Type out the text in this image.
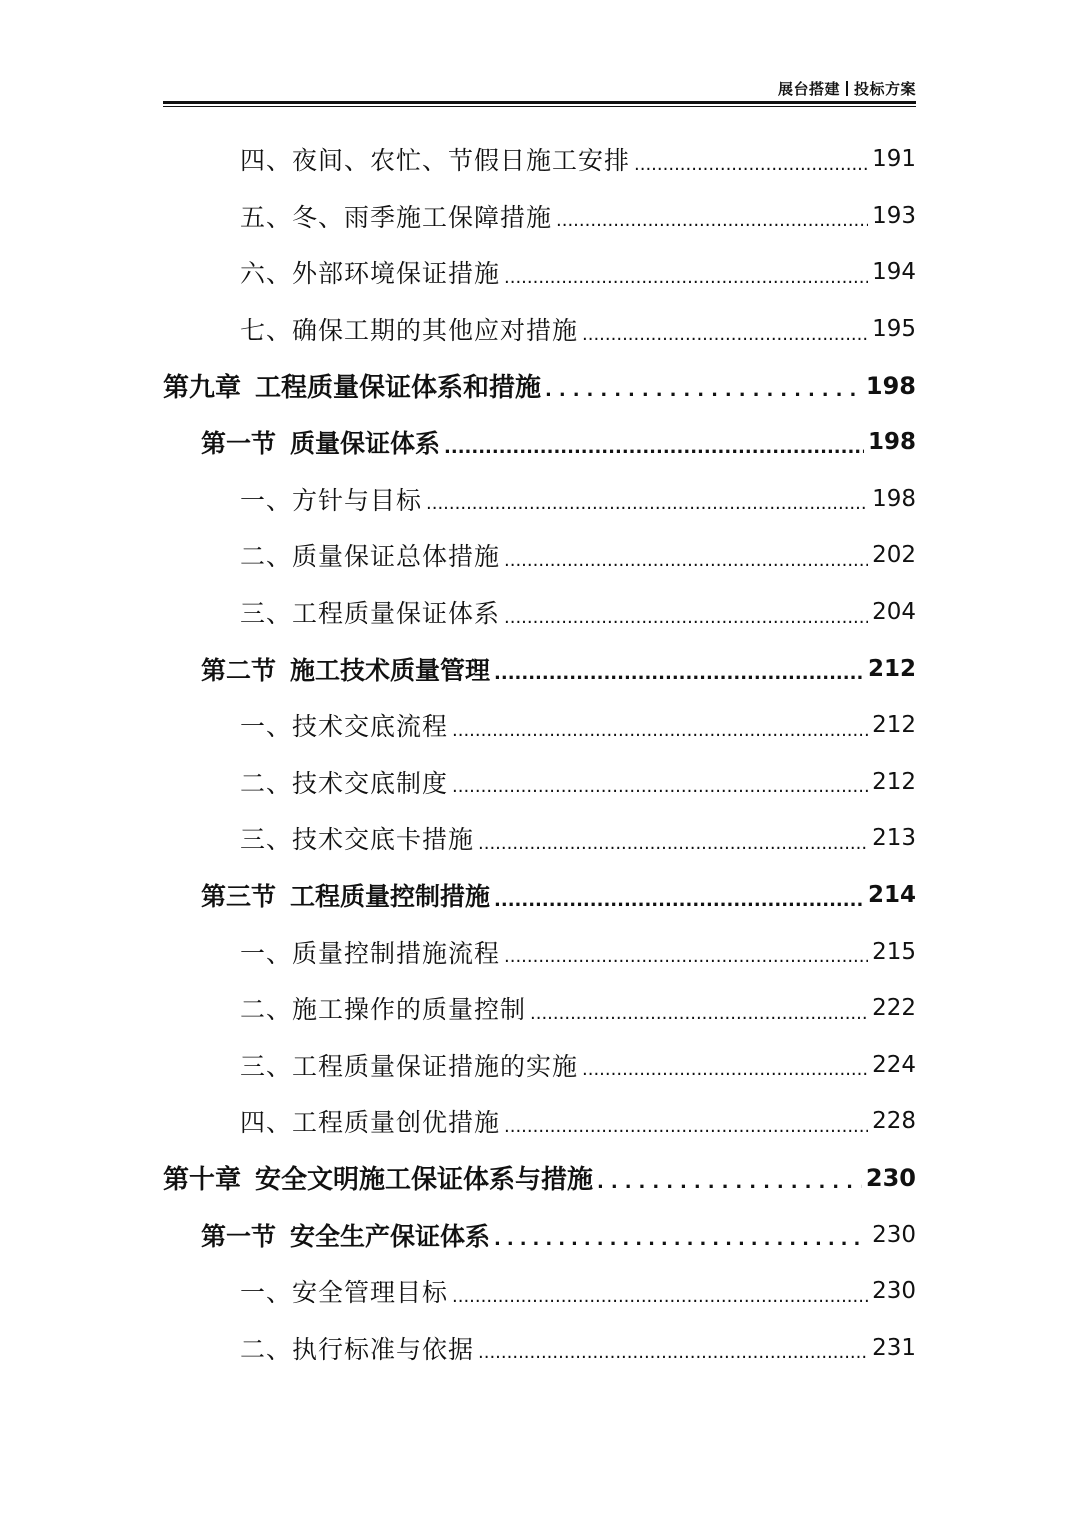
展台搭建 投标方案
四、夜间、农忙、节假日施工安排 .....	191
五、冬、雨季施工保障措施 .....	193
六、外部环境保证措施 .....	194
七、确保工期的其他应对措施 .....	195
第九章 工程质量保证体系和措施 .....	198
第一节 质量保证体系 .....	198
一、方针与目标 .....	198
二、质量保证总体措施 .....	202
三、工程质量保证体系 .....	204
第二节 施工技术质量管理 .....	212
一、技术交底流程 .....	212
二、技术交底制度 .....	212
三、技术交底卡措施 .....	213
第三节 工程质量控制措施 .....	214
一、质量控制措施流程 .....	215
二、施工操作的质量控制 .....	222
三、工程质量保证措施的实施 .....	224
四、工程质量创优措施 .....	228
第十章 安全文明施工保证体系与措施 .....	230
第一节 安全生产保证体系 .....	230
一、安全管理目标 .....	230
二、执行标准与依据 .....	231
